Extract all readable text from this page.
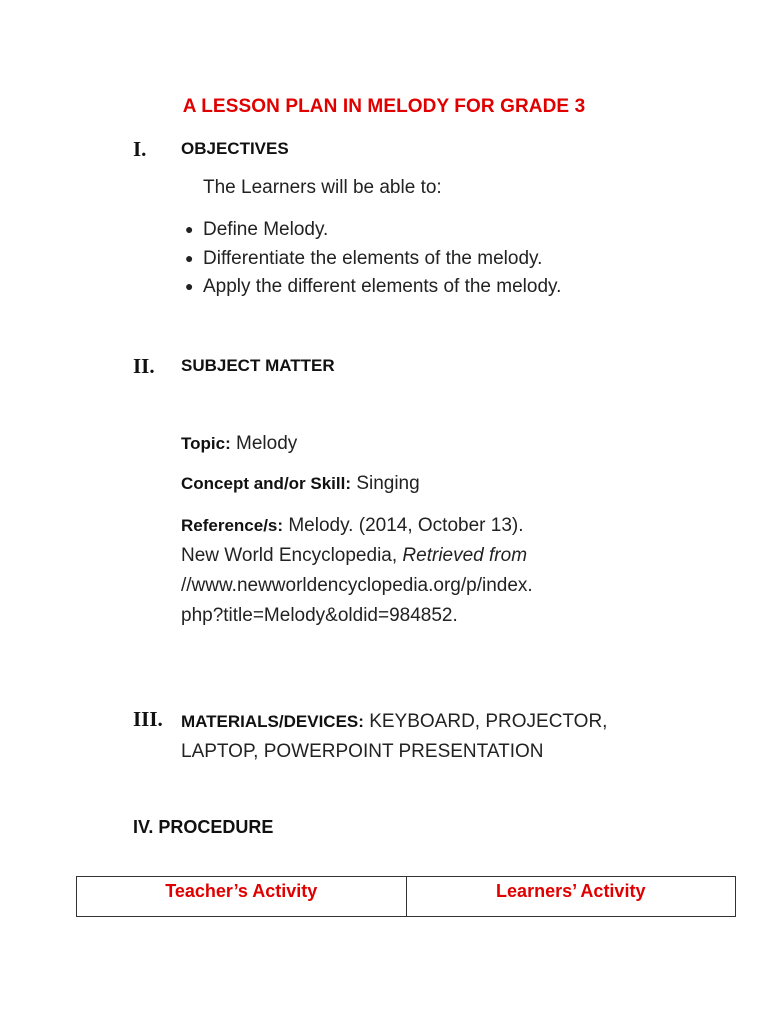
A LESSON PLAN IN MELODY FOR GRADE 3
I. OBJECTIVES
The Learners will be able to:
● Define Melody.
● Differentiate the elements of the melody.
● Apply the different elements of the melody.
II. SUBJECT MATTER
Topic: Melody
Concept and/or Skill: Singing
Reference/s: Melody. (2014, October 13).
New World Encyclopedia, Retrieved from
//www.newworldencyclopedia.org/p/index.
php?title=Melody&oldid=984852.
III. MATERIALS/DEVICES: KEYBOARD, PROJECTOR,
LAPTOP, POWERPOINT PRESENTATION
IV. PROCEDURE
Teacher’s Activity	Learners’ Activity
